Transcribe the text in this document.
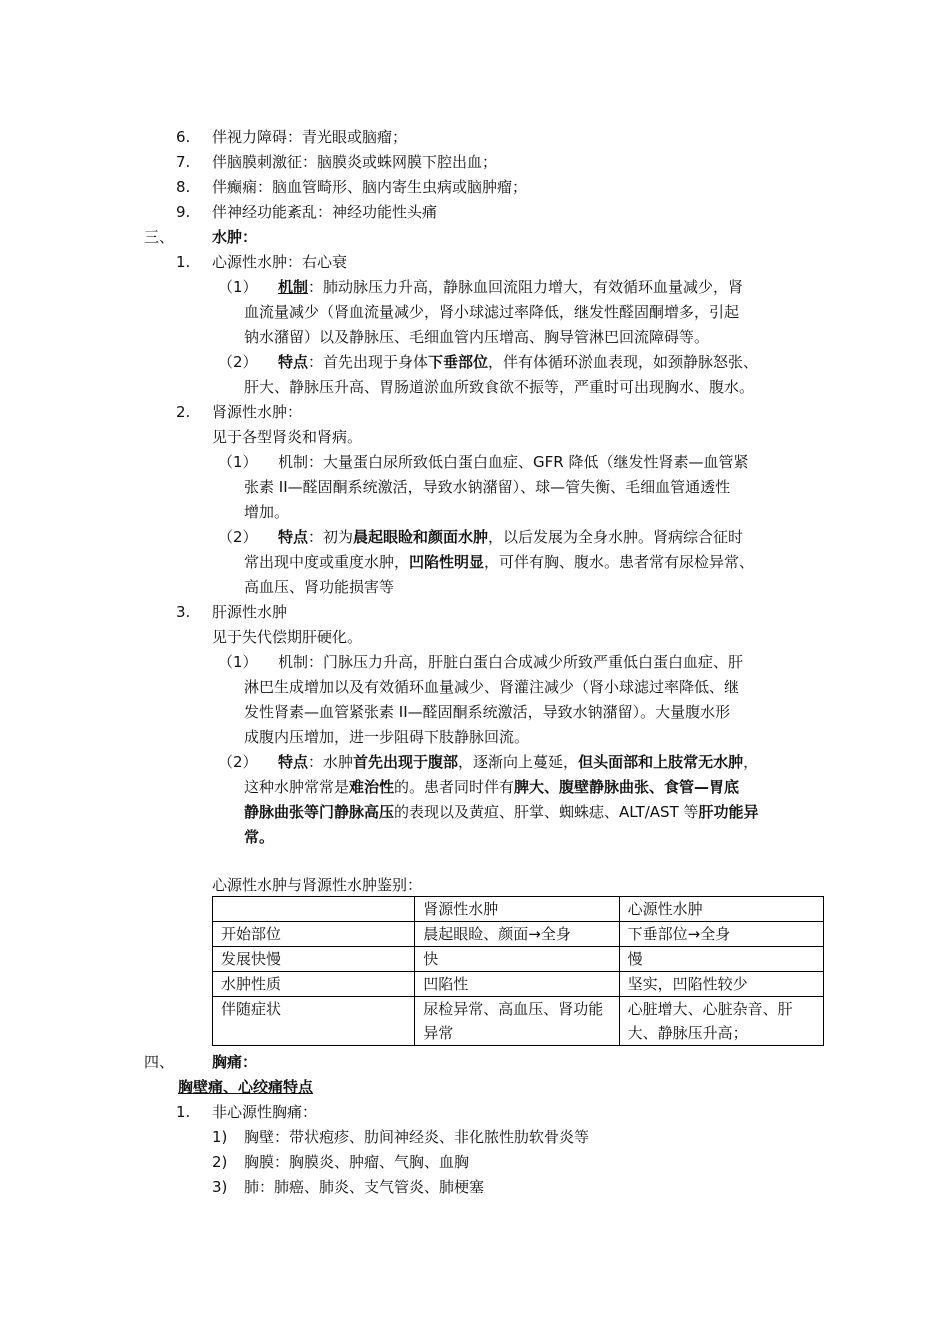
6. 伴视力障碍：青光眼或脑瘤；
7. 伴脑膜刺激征：脑膜炎或蛛网膜下腔出血；
8. 伴癫痫：脑血管畸形、脑内寄生虫病或脑肿瘤；
9. 伴神经功能紊乱：神经功能性头痛
三、	水肿：
1. 心源性水肿：右心衰
（1） 机制：肺动脉压力升高，静脉血回流阻力增大，有效循环血量减少，肾
血流量减少（肾血流量减少，肾小球滤过率降低，继发性醛固酮增多，引起
钠水潴留）以及静脉压、毛细血管内压增高、胸导管淋巴回流障碍等。
（2） 特点：首先出现于身体下垂部位，伴有体循环淤血表现，如颈静脉怒张、
肝大、静脉压升高、胃肠道淤血所致食欲不振等，严重时可出现胸水、腹水。
2. 肾源性水肿：
见于各型肾炎和肾病。
（1） 机制：大量蛋白尿所致低白蛋白血症、GFR 降低（继发性肾素—血管紧
张素 II—醛固酮系统激活，导致水钠潴留）、球—管失衡、毛细血管通透性
增加。
（2） 特点：初为晨起眼睑和颜面水肿，以后发展为全身水肿。肾病综合征时
常出现中度或重度水肿，凹陷性明显，可伴有胸、腹水。患者常有尿检异常、
高血压、肾功能损害等
3. 肝源性水肿
见于失代偿期肝硬化。
（1） 机制：门脉压力升高，肝脏白蛋白合成减少所致严重低白蛋白血症、肝
淋巴生成增加以及有效循环血量减少、肾灌注减少（肾小球滤过率降低、继
发性肾素—血管紧张素 II—醛固酮系统激活，导致水钠潴留）。大量腹水形
成腹内压增加，进一步阻碍下肢静脉回流。
（2） 特点：水肿首先出现于腹部，逐渐向上蔓延，但头面部和上肢常无水肿，
这种水肿常常是难治性的。患者同时伴有脾大、腹壁静脉曲张、食管—胃底
静脉曲张等门静脉高压的表现以及黄疸、肝掌、蜘蛛痣、ALT/AST 等肝功能异
常。
心源性水肿与肾源性水肿鉴别：
	肾源性水肿	心源性水肿
开始部位	晨起眼睑、颜面→全身	下垂部位→全身
发展快慢	快	慢
水肿性质	凹陷性	坚实，凹陷性较少
伴随症状	尿检异常、高血压、肾功能异常	心脏增大、心脏杂音、肝大、静脉压升高；
四、	胸痛：
胸壁痛、心绞痛特点
1. 非心源性胸痛：
1) 胸壁：带状疱疹、肋间神经炎、非化脓性肋软骨炎等
2) 胸膜：胸膜炎、肿瘤、气胸、血胸
3) 肺：肺癌、肺炎、支气管炎、肺梗塞
